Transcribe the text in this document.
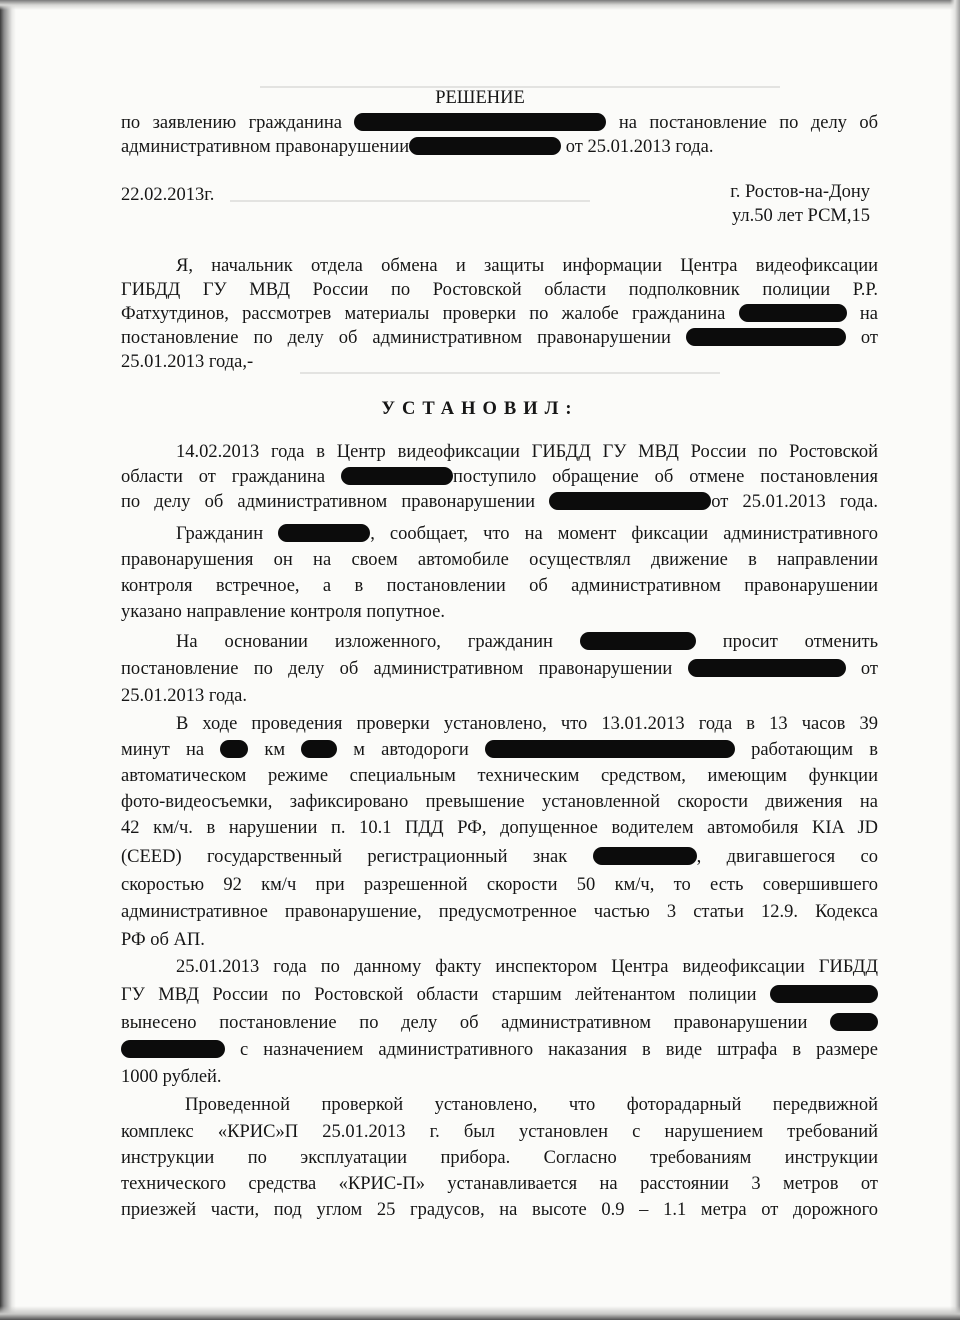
РЕШЕНИЕ
по заявлению гражданина	на постановление по делу об
административном правонарушении	от 25.01.2013 года.
22.02.2013г.	г. Ростов-на-Дону
ул.50 лет РСМ,15
Я, начальник отдела обмена и защиты информации Центра видеофиксации
ГИБДД ГУ МВД России по Ростовской области подполковник полиции Р.Р.
Фатхутдинов, рассмотрев материалы проверки по жалобе гражданина	на
постановление по делу об административном правонарушении	от
25.01.2013 года,-
УСТАНОВИЛ:
14.02.2013 года в Центр видеофиксации ГИБДД ГУ МВД России по Ростовской
области от гражданина	поступило обращение об отмене постановления
по делу об административном правонарушении	от 25.01.2013 года.
Гражданин	, сообщает, что на момент фиксации административного
правонарушения он на своем автомобиле осуществлял движение в направлении
контроля встречное, а в постановлении об административном правонарушении
указано направление контроля попутное.
На основании изложенного, гражданин	просит отменить
постановление по делу об административном правонарушении	от
25.01.2013 года.
В ходе проведения проверки установлено, что 13.01.2013 года в 13 часов 39
минут на	км	м автодороги	работающим в
автоматическом режиме специальным техническим средством, имеющим функции
фото-видеосъемки, зафиксировано превышение установленной скорости движения на
42 км/ч. в нарушении п. 10.1 ПДД РФ, допущенное водителем автомобиля KIA JD
(CEED) государственный регистрационный знак	, двигавшегося со
скоростью 92 км/ч при разрешенной скорости 50 км/ч, то есть совершившего
административное правонарушение, предусмотренное частью 3 статьи 12.9. Кодекса
РФ об АП.
25.01.2013 года по данному факту инспектором Центра видеофиксации ГИБДД
ГУ МВД России по Ростовской области старшим лейтенантом полиции
вынесено постановление по делу об административном правонарушении
с назначением административного наказания в виде штрафа в размере
1000 рублей.
Проведенной проверкой установлено, что фоторадарный передвижной
комплекс «КРИС»П 25.01.2013 г. был установлен с нарушением требований
инструкции по эксплуатации прибора. Согласно требованиям инструкции
технического средства «КРИС-П» устанавливается на расстоянии 3 метров от
приезжей части, под углом 25 градусов, на высоте 0.9 – 1.1 метра от дорожного
